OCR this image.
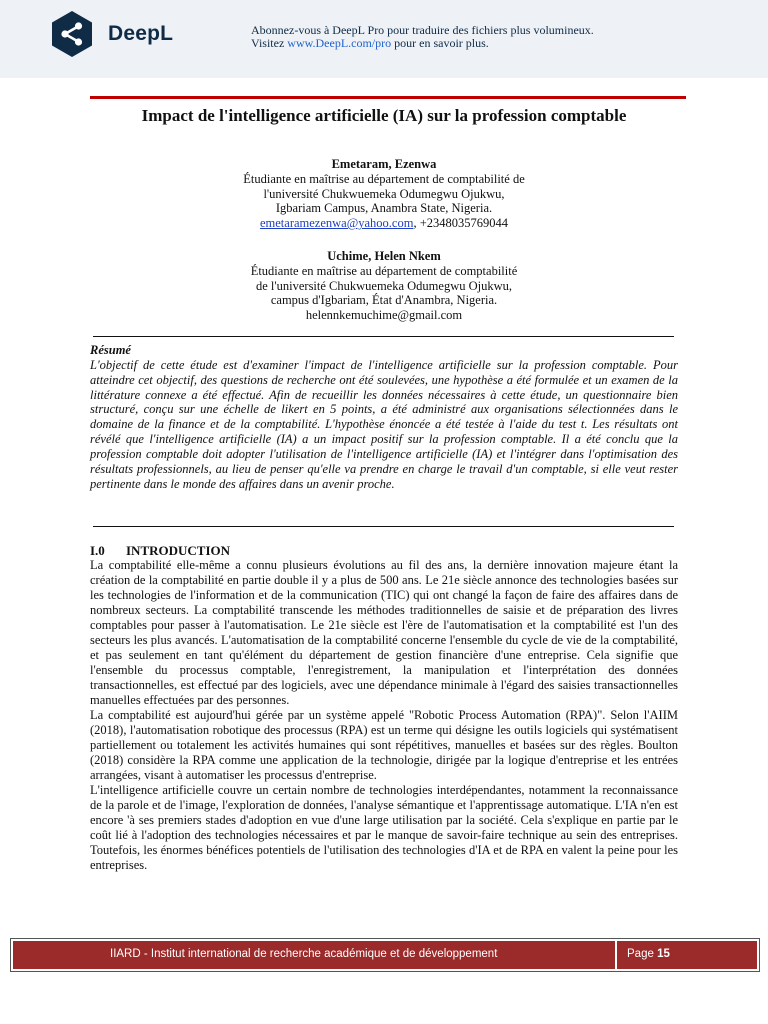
DeepL	Abonnez-vous à DeepL Pro pour traduire des fichiers plus volumineux.
Visitez www.DeepL.com/pro pour en savoir plus.
Impact de l'intelligence artificielle (IA) sur la profession comptable
Emetaram, Ezenwa
Étudiante en maîtrise au département de comptabilité de
l'université Chukwuemeka Odumegwu Ojukwu,
Igbariam Campus, Anambra State, Nigeria.
emetaramezenwa@yahoo.com, +2348035769044
Uchime, Helen Nkem
Étudiante en maîtrise au département de comptabilité
de l'université Chukwuemeka Odumegwu Ojukwu,
campus d'Igbariam, État d'Anambra, Nigeria.
helennkemuchime@gmail.com
Résumé
L'objectif de cette étude est d'examiner l'impact de l'intelligence artificielle sur la profession comptable. Pour atteindre cet objectif, des questions de recherche ont été soulevées, une hypothèse a été formulée et un examen de la littérature connexe a été effectué. Afin de recueillir les données nécessaires à cette étude, un questionnaire bien structuré, conçu sur une échelle de likert en 5 points, a été administré aux organisations sélectionnées dans le domaine de la finance et de la comptabilité. L'hypothèse énoncée a été testée à l'aide du test t. Les résultats ont révélé que l'intelligence artificielle (IA) a un impact positif sur la profession comptable. Il a été conclu que la profession comptable doit adopter l'utilisation de l'intelligence artificielle (IA) et l'intégrer dans l'optimisation des résultats professionnels, au lieu de penser qu'elle va prendre en charge le travail d'un comptable, si elle veut rester pertinente dans le monde des affaires dans un avenir proche.
I.0 INTRODUCTION

La comptabilité elle-même a connu plusieurs évolutions au fil des ans, la dernière innovation majeure étant la création de la comptabilité en partie double il y a plus de 500 ans. Le 21e siècle annonce des technologies basées sur les technologies de l'information et de la communication (TIC) qui ont changé la façon de faire des affaires dans de nombreux secteurs. La comptabilité transcende les méthodes traditionnelles de saisie et de préparation des livres comptables pour passer à l'automatisation. Le 21e siècle est l'ère de l'automatisation et la comptabilité est l'un des secteurs les plus avancés. L'automatisation de la comptabilité concerne l'ensemble du cycle de vie de la comptabilité, et pas seulement en tant qu'élément du département de gestion financière d'une entreprise. Cela signifie que l'ensemble du processus comptable, l'enregistrement, la manipulation et l'interprétation des données transactionnelles, est effectué par des logiciels, avec une dépendance minimale à l'égard des saisies transactionnelles manuelles effectuées par des personnes.

La comptabilité est aujourd'hui gérée par un système appelé "Robotic Process Automation (RPA)". Selon l'AIIM (2018), l'automatisation robotique des processus (RPA) est un terme qui désigne les outils logiciels qui systématisent partiellement ou totalement les activités humaines qui sont répétitives, manuelles et basées sur des règles. Boulton (2018) considère la RPA comme une application de la technologie, dirigée par la logique d'entreprise et les entrées arrangées, visant à automatiser les processus d'entreprise.

L'intelligence artificielle couvre un certain nombre de technologies interdépendantes, notamment la reconnaissance de la parole et de l'image, l'exploration de données, l'analyse sémantique et l'apprentissage automatique. L'IA n'en est encore 'à ses premiers stades d'adoption en vue d'une large utilisation par la société. Cela s'explique en partie par le coût lié à l'adoption des technologies nécessaires et par le manque de savoir-faire technique au sein des entreprises. Toutefois, les énormes bénéfices potentiels de l'utilisation des technologies d'IA et de RPA en valent la peine pour les entreprises.

IIARD - Institut international de recherche académique et de développement	Page 15
